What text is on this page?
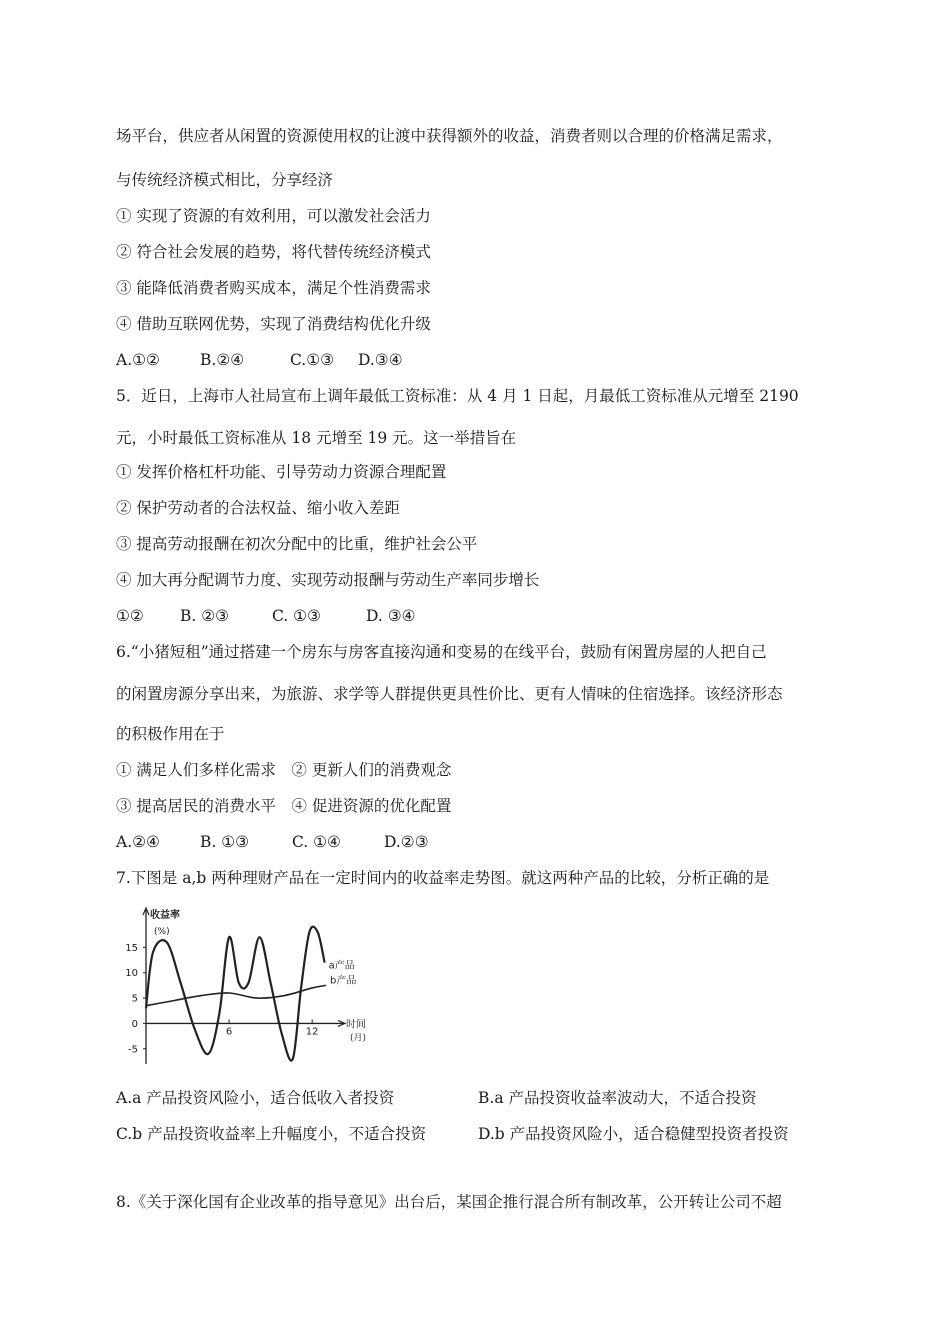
场平台，供应者从闲置的资源使用权的让渡中获得额外的收益，消费者则以合理的价格满足需求，
与传统经济模式相比，分享经济
① 实现了资源的有效利用，可以激发社会活力
② 符合社会发展的趋势，将代替传统经济模式
③ 能降低消费者购买成本，满足个性消费需求
④ 借助互联网优势，实现了消费结构优化升级
A.①②	B.②④	C.①③ D.③④
5．近日，上海市人社局宣布上调年最低工资标准：从 4 月 1 日起，月最低工资标准从元增至 2190
元，小时最低工资标准从 18 元增至 19 元。这一举措旨在
① 发挥价格杠杆功能、引导劳动力资源合理配置
② 保护劳动者的合法权益、缩小收入差距
③ 提高劳动报酬在初次分配中的比重，维护社会公平
④ 加大再分配调节力度、实现劳动报酬与劳动生产率同步增长
①② B. ②③	C. ①③	D. ③④
6.“小猪短租”通过搭建一个房东与房客直接沟通和变易的在线平台，鼓励有闲置房屋的人把自己
的闲置房源分享出来，为旅游、求学等人群提供更具性价比、更有人情味的住宿选择。该经济形态
的积极作用在于
① 满足人们多样化需求　② 更新人们的消费观念
③ 提高居民的消费水平　④ 促进资源的优化配置
A.②④	B. ①③	C. ①④	D.②③
7.下图是 a,b 两种理财产品在一定时间内的收益率走势图。就这两种产品的比较，分析正确的是
15
10
5
0
-5
6	12
a产品
b产品
收益率
(%)
时间
(月)
A.a 产品投资风险小，适合低收入者投资	B.a 产品投资收益率波动大，不适合投资
C.b 产品投资收益率上升幅度小，不适合投资	D.b 产品投资风险小，适合稳健型投资者投资
8.《关于深化国有企业改革的指导意见》出台后，某国企推行混合所有制改革，公开转让公司不超
